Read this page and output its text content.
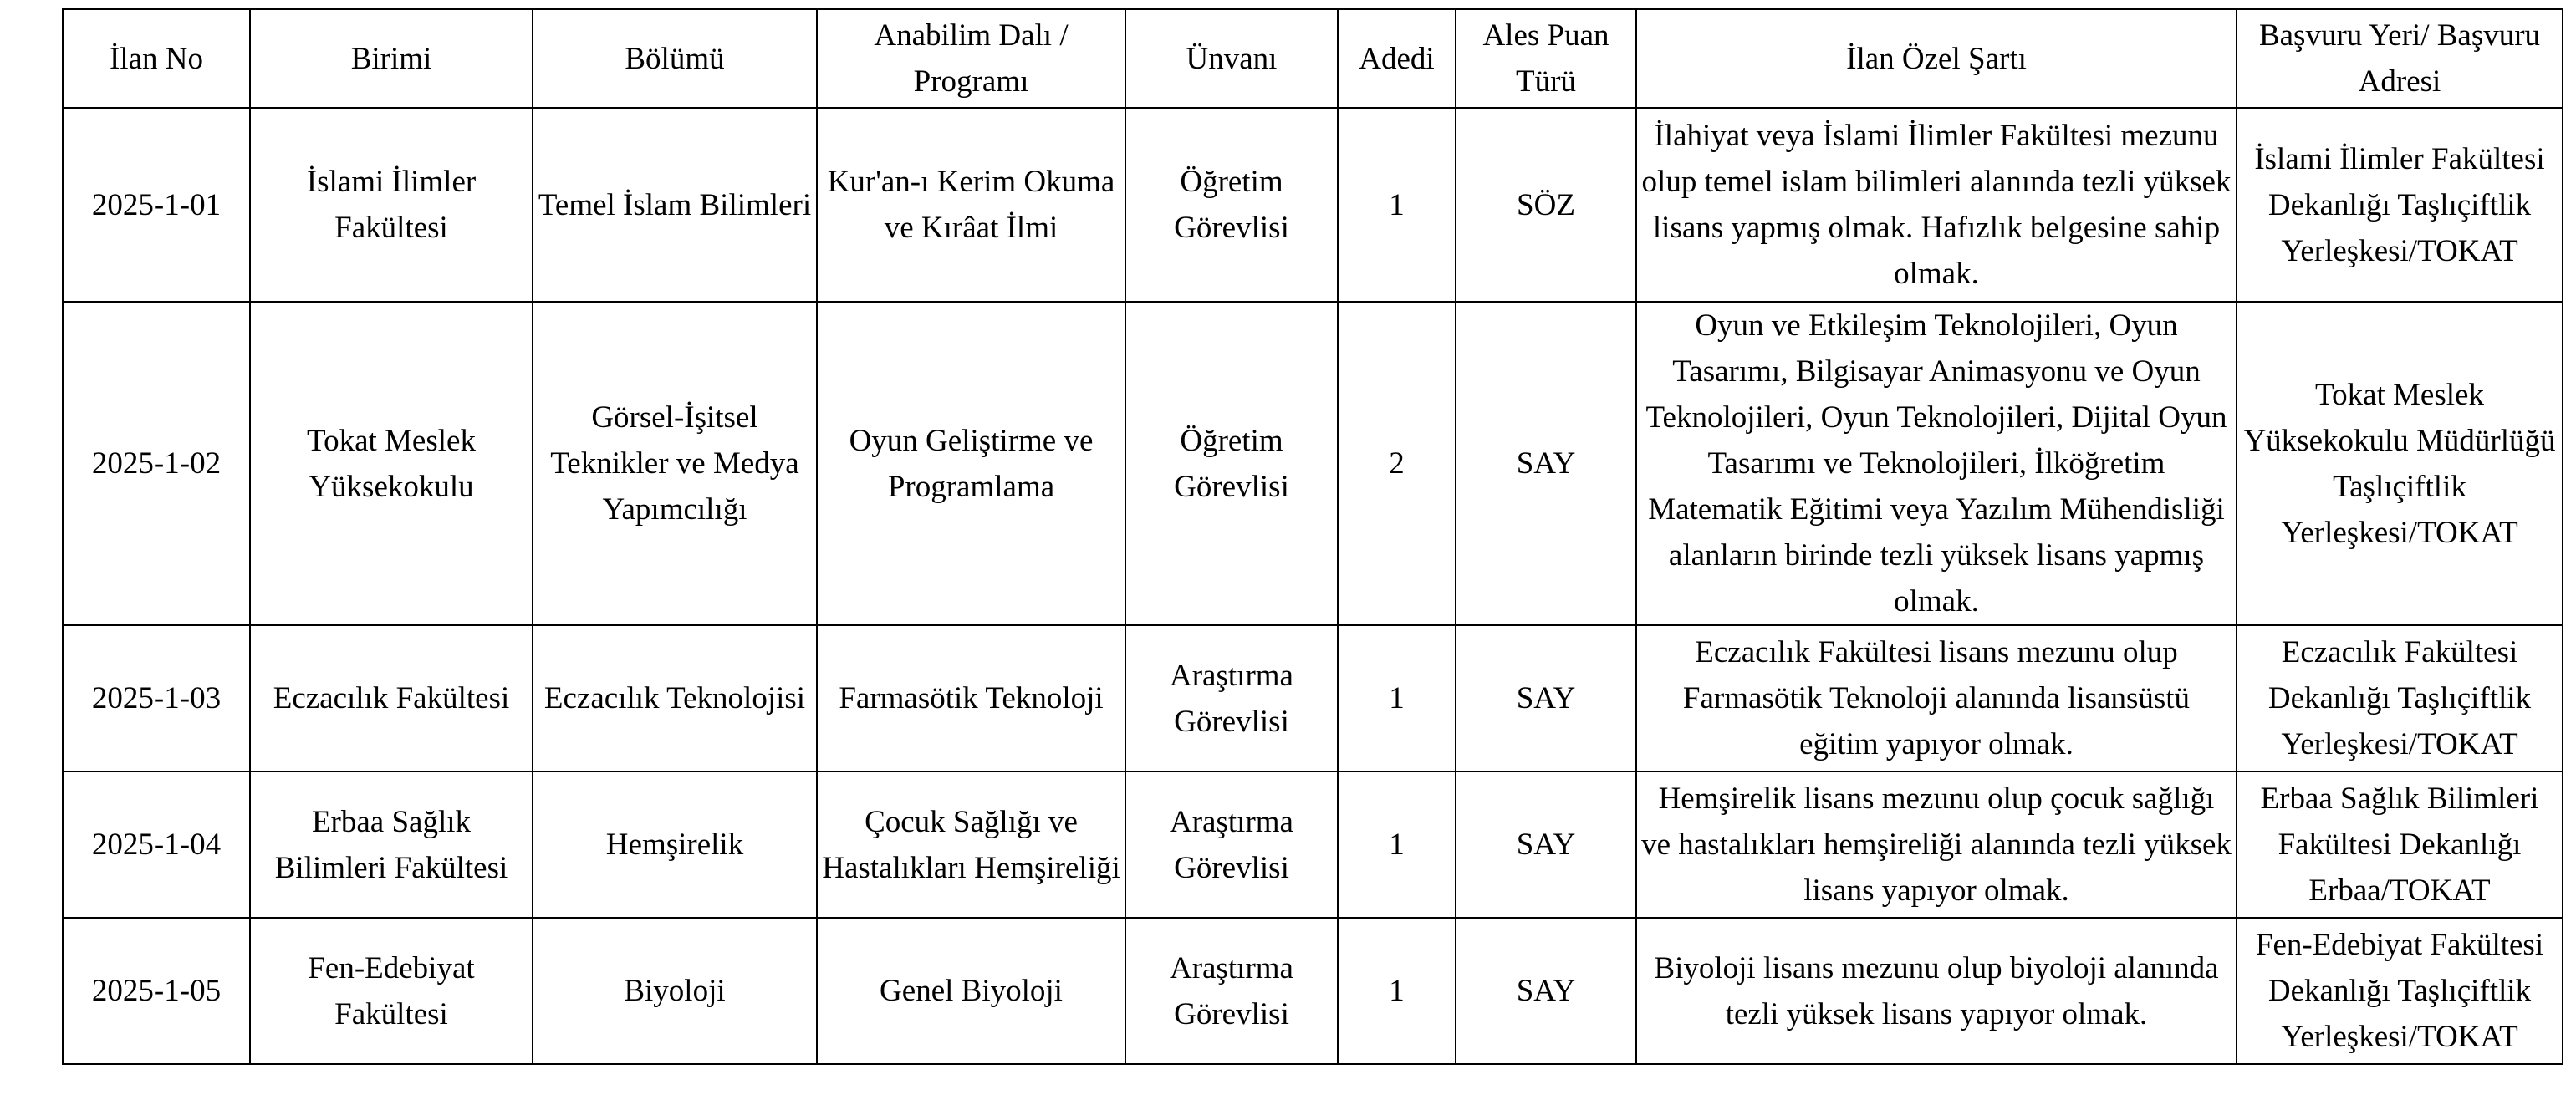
İlan No	Birimi	Bölümü	Anabilim Dalı / Programı	Ünvanı	Adedi	Ales Puan Türü	İlan Özel Şartı	Başvuru Yeri/ Başvuru Adresi

2025-1-01	İslami İlimler Fakültesi	Temel İslam Bilimleri	Kur'an-ı Kerim Okuma ve Kırâat İlmi	Öğretim Görevlisi	1	SÖZ	İlahiyat veya İslami İlimler Fakültesi mezunu olup temel islam bilimleri alanında tezli yüksek lisans yapmış olmak. Hafızlık belgesine sahip olmak.	İslami İlimler Fakültesi Dekanlığı Taşlıçiftlik Yerleşkesi/TOKAT
2025-1-02	Tokat Meslek Yüksekokulu	Görsel-İşitsel Teknikler ve Medya Yapımcılığı	Oyun Geliştirme ve Programlama	Öğretim Görevlisi	2	SAY	Oyun ve Etkileşim Teknolojileri, Oyun Tasarımı, Bilgisayar Animasyonu ve Oyun Teknolojileri, Oyun Teknolojileri, Dijital Oyun Tasarımı ve Teknolojileri, İlköğretim Matematik Eğitimi veya Yazılım Mühendisliği alanların birinde tezli yüksek lisans yapmış olmak.	Tokat Meslek Yüksekokulu Müdürlüğü Taşlıçiftlik Yerleşkesi/TOKAT
2025-1-03	Eczacılık Fakültesi	Eczacılık Teknolojisi	Farmasötik Teknoloji	Araştırma Görevlisi	1	SAY	Eczacılık Fakültesi lisans mezunu olup Farmasötik Teknoloji alanında lisansüstü eğitim yapıyor olmak.	Eczacılık Fakültesi Dekanlığı Taşlıçiftlik Yerleşkesi/TOKAT
2025-1-04	Erbaa Sağlık Bilimleri Fakültesi	Hemşirelik	Çocuk Sağlığı ve Hastalıkları Hemşireliği	Araştırma Görevlisi	1	SAY	Hemşirelik lisans mezunu olup çocuk sağlığı ve hastalıkları hemşireliği alanında tezli yüksek lisans yapıyor olmak.	Erbaa Sağlık Bilimleri Fakültesi Dekanlığı Erbaa/TOKAT
2025-1-05	Fen-Edebiyat Fakültesi	Biyoloji	Genel Biyoloji	Araştırma Görevlisi	1	SAY	Biyoloji lisans mezunu olup biyoloji alanında tezli yüksek lisans yapıyor olmak.	Fen-Edebiyat Fakültesi Dekanlığı Taşlıçiftlik Yerleşkesi/TOKAT
